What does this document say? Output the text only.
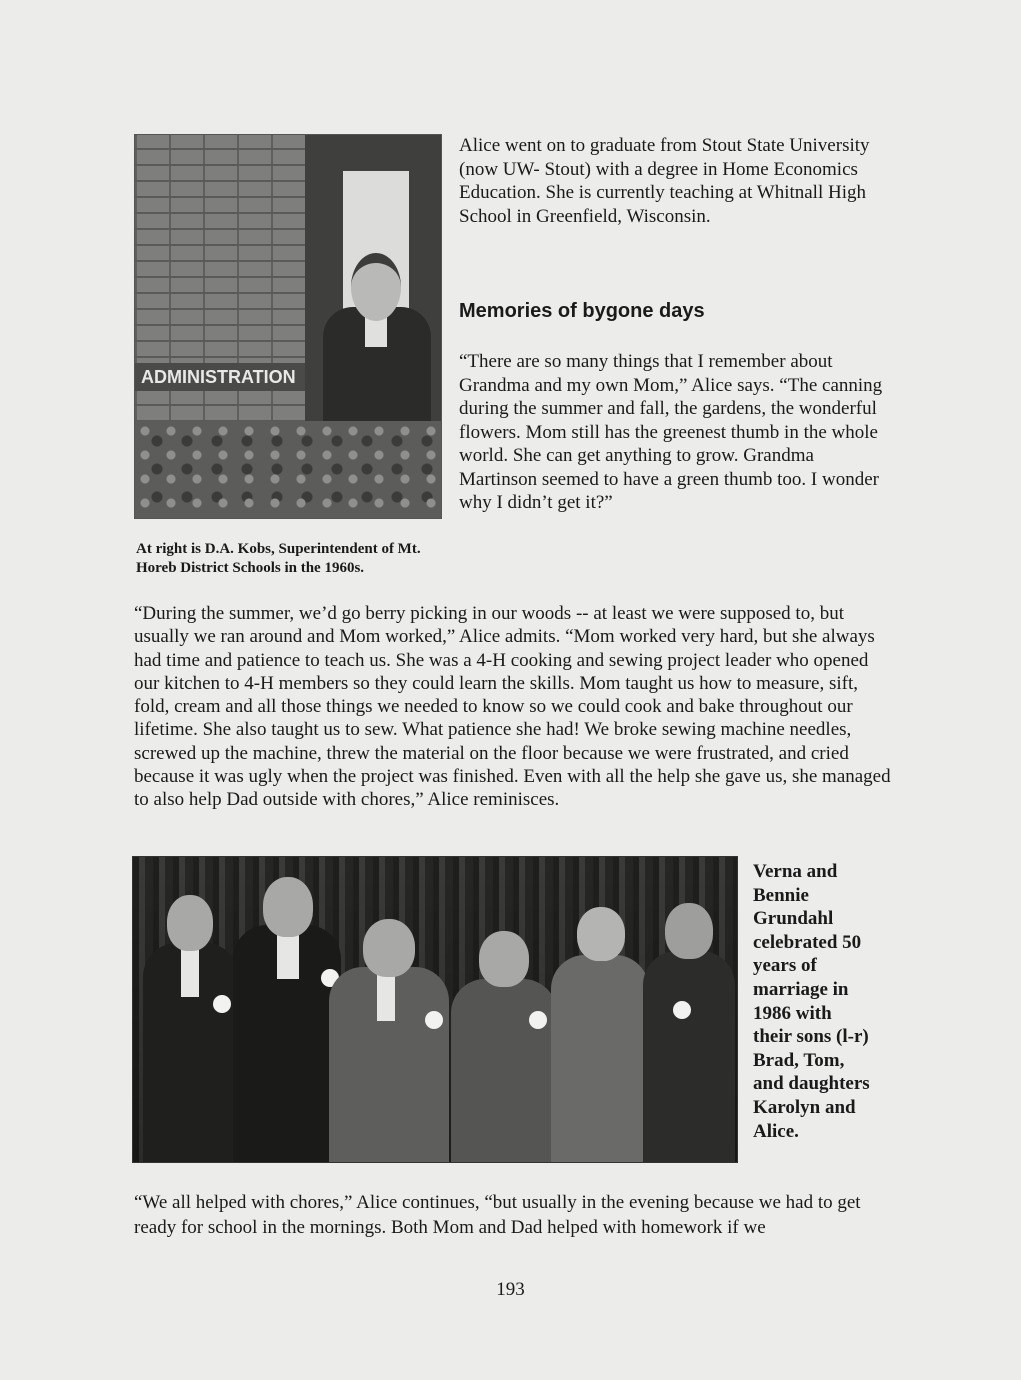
ADMINISTRATION
At right is D.A. Kobs, Superintendent of Mt. Horeb District Schools in the 1960s.
Alice went on to graduate from Stout State University (now UW- Stout) with a degree in Home Economics Education. She is currently teaching at Whitnall High School in Greenfield, Wisconsin.
Memories of bygone days
“There are so many things that I remember about Grandma and my own Mom,” Alice says. “The canning during the summer and fall, the gardens, the wonderful flowers. Mom still has the greenest thumb in the whole world. She can get anything to grow. Grandma Martinson seemed to have a green thumb too. I wonder why I didn’t get it?”
“During the summer, we’d go berry picking in our woods -- at least we were supposed to, but usually we ran around and Mom worked,” Alice admits. “Mom worked very hard, but she always had time and patience to teach us. She was a 4-H cooking and sewing project leader who opened our kitchen to 4-H members so they could learn the skills. Mom taught us how to measure, sift, fold, cream and all those things we needed to know so we could cook and bake throughout our lifetime. She also taught us to sew. What patience she had! We broke sewing machine needles, screwed up the machine, threw the material on the floor because we were frustrated, and cried because it was ugly when the project was finished. Even with all the help she gave us, she managed to also help Dad outside with chores,” Alice reminisces.
Verna and Bennie Grundahl celebrated 50 years of marriage in 1986 with their sons (l-r) Brad, Tom, and daughters Karolyn and Alice.
“We all helped with chores,” Alice continues, “but usually in the evening because we had to get ready for school in the mornings. Both Mom and Dad helped with homework if we
193
